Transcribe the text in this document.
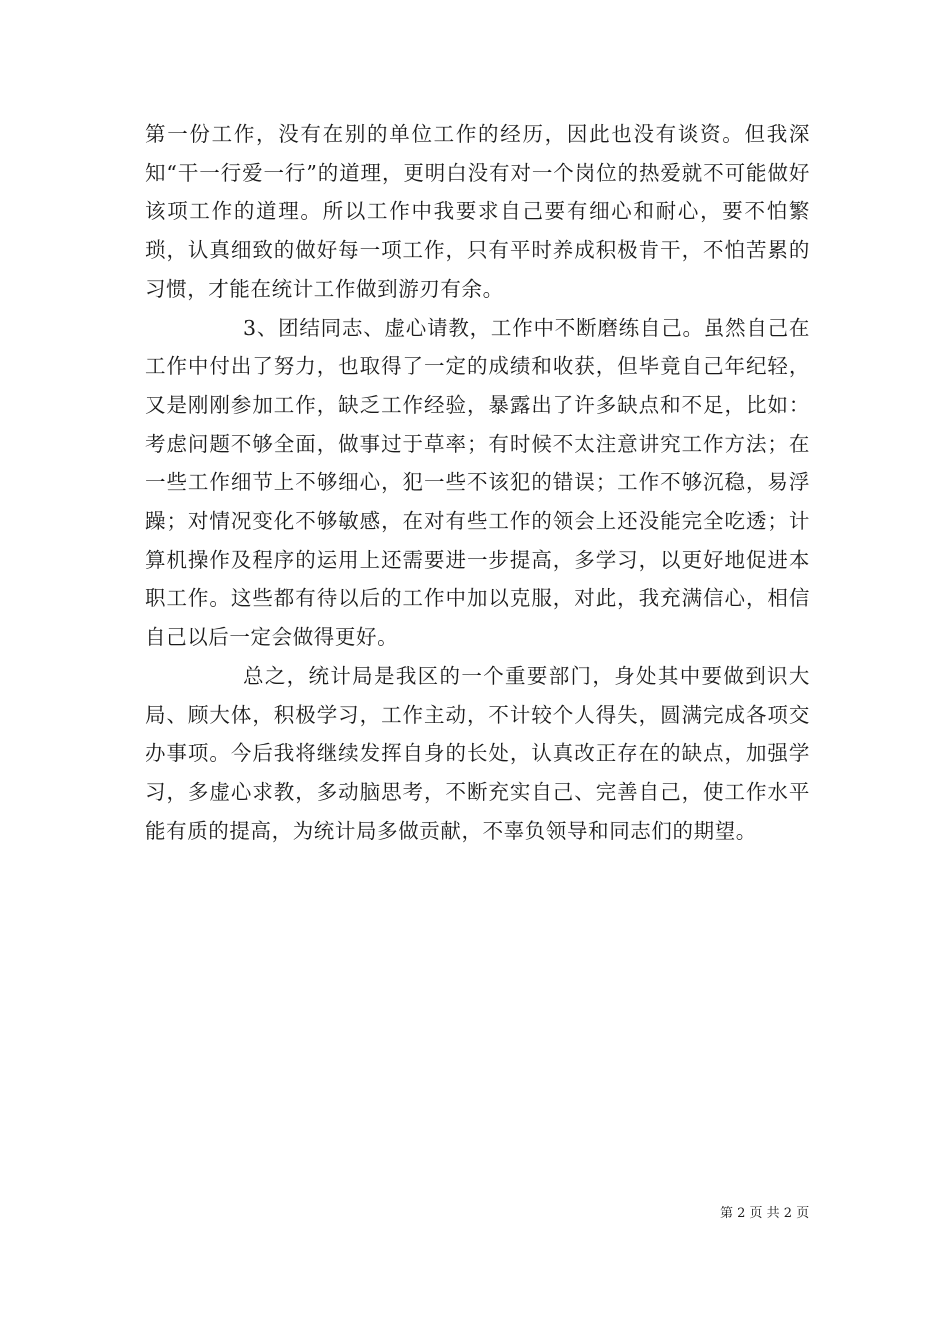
第一份工作，没有在别的单位工作的经历，因此也没有谈资。但我深知“干一行爱一行”的道理，更明白没有对一个岗位的热爱就不可能做好该项工作的道理。所以工作中我要求自己要有细心和耐心，要不怕繁琐，认真细致的做好每一项工作，只有平时养成积极肯干，不怕苦累的习惯，才能在统计工作做到游刃有余。

3、团结同志、虚心请教，工作中不断磨练自己。虽然自己在工作中付出了努力，也取得了一定的成绩和收获，但毕竟自己年纪轻，又是刚刚参加工作，缺乏工作经验，暴露出了许多缺点和不足，比如：考虑问题不够全面，做事过于草率；有时候不太注意讲究工作方法；在一些工作细节上不够细心，犯一些不该犯的错误；工作不够沉稳，易浮躁；对情况变化不够敏感，在对有些工作的领会上还没能完全吃透；计算机操作及程序的运用上还需要进一步提高，多学习，以更好地促进本职工作。这些都有待以后的工作中加以克服，对此，我充满信心，相信自己以后一定会做得更好。

总之，统计局是我区的一个重要部门，身处其中要做到识大局、顾大体，积极学习，工作主动，不计较个人得失，圆满完成各项交办事项。今后我将继续发挥自身的长处，认真改正存在的缺点，加强学习，多虚心求教，多动脑思考，不断充实自己、完善自己，使工作水平能有质的提高，为统计局多做贡献，不辜负领导和同志们的期望。

第 2 页 共 2 页
